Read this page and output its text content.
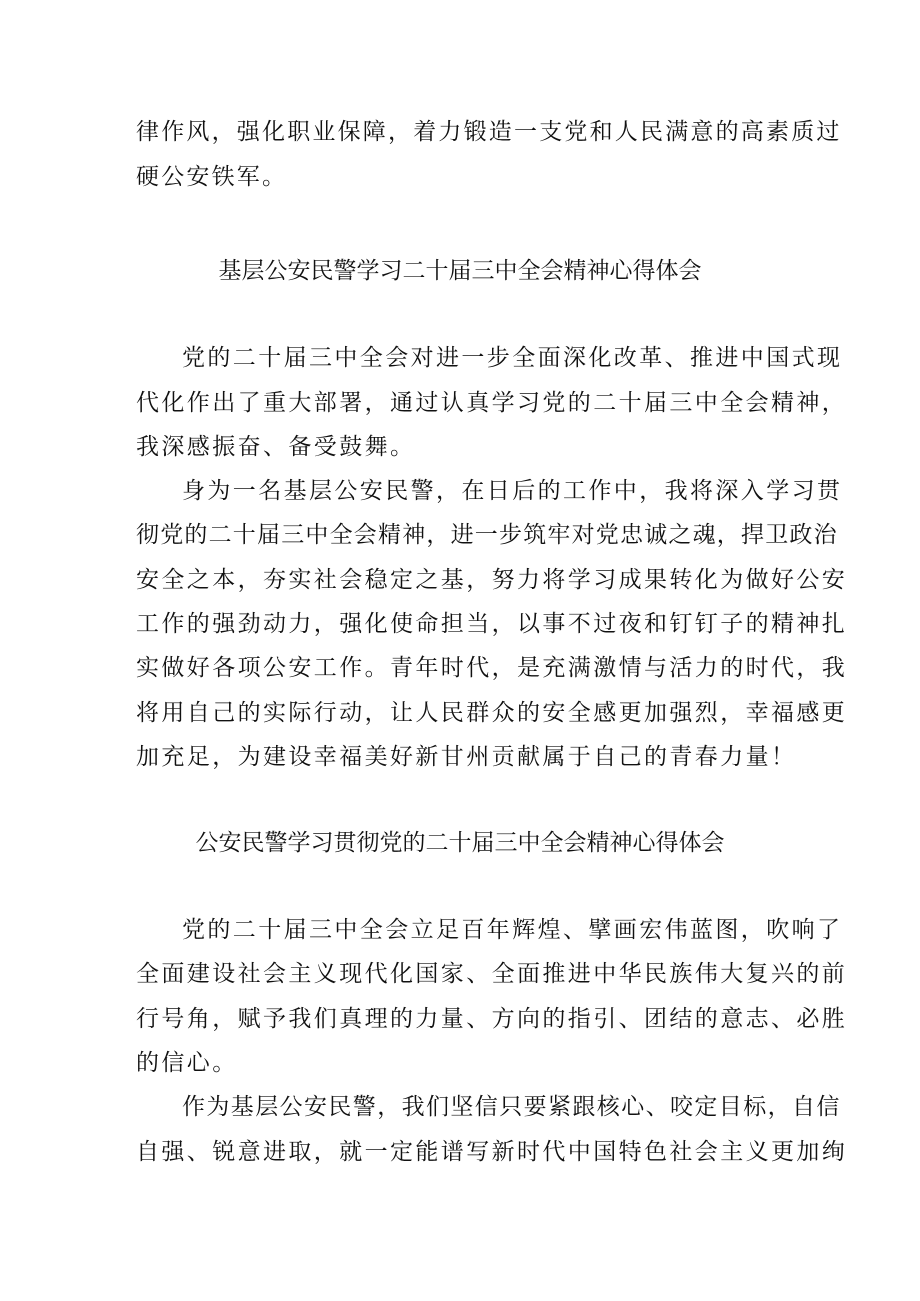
律作风，强化职业保障，着力锻造一支党和人民满意的高素质过
硬公安铁军。
基层公安民警学习二十届三中全会精神心得体会
党的二十届三中全会对进一步全面深化改革、推进中国式现
代化作出了重大部署，通过认真学习党的二十届三中全会精神，
我深感振奋、备受鼓舞。
身为一名基层公安民警，在日后的工作中，我将深入学习贯
彻党的二十届三中全会精神，进一步筑牢对党忠诚之魂，捍卫政治
安全之本，夯实社会稳定之基，努力将学习成果转化为做好公安
工作的强劲动力，强化使命担当，以事不过夜和钉钉子的精神扎
实做好各项公安工作。青年时代，是充满激情与活力的时代，我
将用自己的实际行动，让人民群众的安全感更加强烈，幸福感更
加充足，为建设幸福美好新甘州贡献属于自己的青春力量！
公安民警学习贯彻党的二十届三中全会精神心得体会
党的二十届三中全会立足百年辉煌、擘画宏伟蓝图，吹响了
全面建设社会主义现代化国家、全面推进中华民族伟大复兴的前
行号角，赋予我们真理的力量、方向的指引、团结的意志、必胜
的信心。
作为基层公安民警，我们坚信只要紧跟核心、咬定目标，自信
自强、锐意进取，就一定能谱写新时代中国特色社会主义更加绚
